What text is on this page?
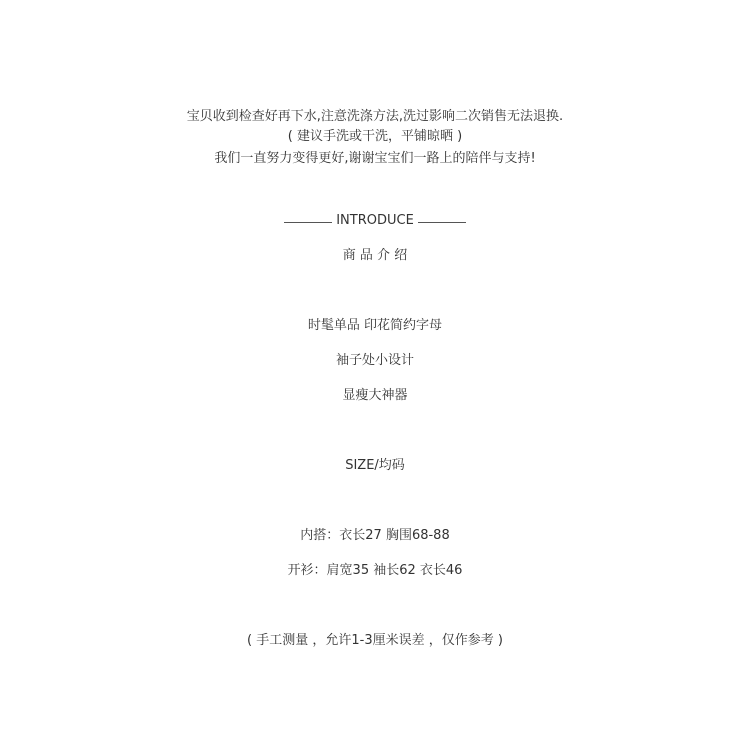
宝贝收到检查好再下水,注意洗涤方法,洗过影响二次销售无法退换.
( 建议手洗或干洗，平铺晾晒 )
我们一直努力变得更好,谢谢宝宝们一路上的陪伴与支持!
INTRODUCE
商 品 介 绍
时髦单品 印花简约字母
袖子处小设计
显瘦大神器
SIZE/均码
内搭：衣长27 胸围68-88
开衫：肩宽35 袖长62 衣长46
( 手工测量 ，允许1-3厘米误差 ，仅作参考 )
